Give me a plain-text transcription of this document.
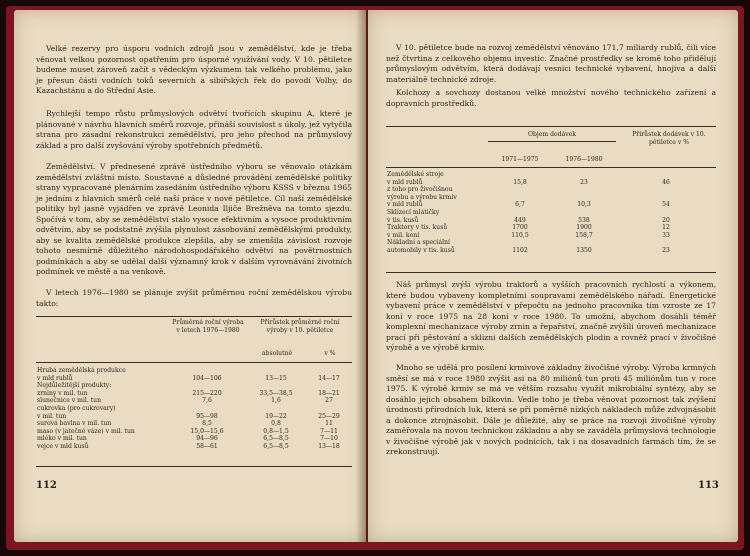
Velké rezervy pro úsporu vodních zdrojů jsou v zemědělství, kde je třeba věnovat velkou pozornost opatřením pro úsporné využívání vody. V 10. pětiletce budeme muset zároveň začít s vědeckým výzkumem tak velkého problému, jako je přesun části vodních toků severních a sibiřských řek do povodí Volhy, do Kazachstánu a do Střední Asie.

Rychlejší tempo růstu průmyslových odvětví tvořících skupinu A, které je plánované v návrhu hlavních směrů rozvoje, přináší souvislost s úkoly, jež vytyčila strana pro zásadní rekonstrukci zemědělství, pro jeho přechod na průmyslový základ a pro další zvyšování výroby spotřebních předmětů.

Zemědělství. V přednesené zprávě ústředního výboru se věnovalo otázkám zemědělství zvláštní místo. Soustavné a důsledné provádění zemědělské politiky strany vypracované plenárním zasedáním ústředního výboru KSSS v březnu 1965 je jedním z hlavních směrů celé naší práce v nové pětiletce. Cíl naší zemědělské politiky byl jasně vyjádřen ve zprávě Leonida Iljiče Brežněva na tomto sjezdu. Spočívá v tom, aby se zemědělství stalo vysoce efektivním a vysoce produktivním odvětvím, aby se podstatně zvýšila plynulost zásobování zemědělskými produkty, aby se kvalita zemědělské produkce zlepšila, aby se zmenšila závislost rozvoje tohoto nesmírně důležitého národohospodářského odvětví na povětrnostních podmínkách a aby se udělal další významný krok v dalším vyrovnávání životních podmínek ve městě a na venkově.

V letech 1976—1980 se plánuje zvýšit průměrnou roční zemědělskou výrobu takto:

Průměrná roční výroba v letech 1976—1980
Přírůstek průměrné roční výroby v 10. pětiletce
absolutně	v %
Hrubá zemědělská produkce			
v mld rublů	104—106	13—15	14—17
Nejdůležitější produkty:			
zrniny v mil. tun	215—220	33,5—38,5	18—21
slunečnice v mil. tun	7,6	1,6	27
cukrovka (pro cukrovary)			
v mil. tun	95—98	19—22	25—29
surová bavlna v mil. tun	8,5	0,8	11
maso (v jatečné váze) v mil. tun	15,0—15,6	0,8—1,5	7—11
mléko v mil. tun	94—96	6,5—8,5	7—10
vejce v mld kusů	58—61	6,5—8,5	13—18
112

V 10. pětiletce bude na rozvoj zemědělství věnováno 171,7 miliardy rublů, čili více než čtvrtina z celkového objemu investic. Značné prostředky se kromě toho přidělují průmyslovým odvětvím, která dodávají vesnici technické vybavení, hnojiva a další materiálně technické zdroje.

Kolchozy a sovchozy dostanou velké množství nového technického zařízení a dopravních prostředků.

Objem dodávek
1971—1975	1976—1980
Přírůstek dodávek v 10. pětiletce v %
Zemědělské stroje			
v mld rublů	15,8	23	46
z toho pro živočišnou			
výrobu a výrobu krmiv			
v mld rublů	6,7	10,3	54
Sklízecí mlátičky			
v tis. kusů	449	538	20
Traktory v tis. kusů	1700	1900	12
v mil. koní	110,5	158,7	33
Nákladní a speciální			
automobily v tis. kusů	1102	1350	23

Náš průmysl zvýší výrobu traktorů a vyšších pracovních rychlostí a výkonem, které budou vybaveny kompletními soupravami zemědělského nářadí. Energetické vybavení práce v zemědělství v přepočtu na jednoho pracovníka tím vzroste ze 17 koní v roce 1975 na 28 koní v roce 1980. To umožní, abychom dosáhli téměř komplexní mechanizace výroby zrnin a řepařství, značně zvýšili úroveň mechanizace prací při pěstování a sklizni dalších zemědělských plodin a rovněž prací v živočišné výrobě a ve výrobě krmiv.

Mnoho se udělá pro posílení krmivové základny živočišné výroby. Výroba krmných směsí se má v roce 1980 zvýšit asi na 80 miliónů tun proti 45 miliónům tun v roce 1975. K výrobě krmiv se má ve větším rozsahu využít mikrobiální syntézy, aby se dosáhlo jejich obsahem bílkovin. Vedle toho je třeba věnovat pozornost tak zvýšení úrodnosti přírodních luk, která se při poměrně nízkých nákladech může zdvojnásobit a dokonce ztrojnásobit. Dále je důležité, aby se práce na rozvoji živočišné výroby zaměřovala na novou technickou základnu a aby se zaváděla průmyslová technologie v živočišné výrobě jak v nových podnicích, tak i na dosavadních farmách tím, že se zrekonstruují.

113
